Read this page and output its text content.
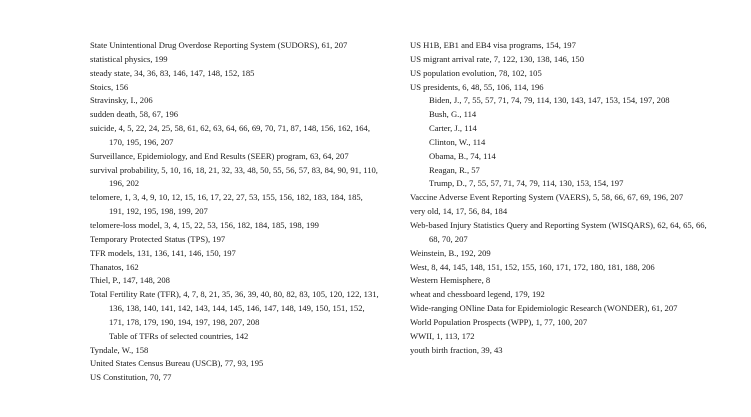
State Unintentional Drug Overdose Reporting System (SUDORS), 61, 207
statistical physics, 199
steady state, 34, 36, 83, 146, 147, 148, 152, 185
Stoics, 156
Stravinsky, I., 206
sudden death, 58, 67, 196
suicide, 4, 5, 22, 24, 25, 58, 61, 62, 63, 64, 66, 69, 70, 71, 87, 148, 156, 162, 164, 170, 195, 196, 207
Surveillance, Epidemiology, and End Results (SEER) program, 63, 64, 207
survival probability, 5, 10, 16, 18, 21, 32, 33, 48, 50, 55, 56, 57, 83, 84, 90, 91, 110, 196, 202
telomere, 1, 3, 4, 9, 10, 12, 15, 16, 17, 22, 27, 53, 155, 156, 182, 183, 184, 185, 191, 192, 195, 198, 199, 207
telomere-loss model, 3, 4, 15, 22, 53, 156, 182, 184, 185, 198, 199
Temporary Protected Status (TPS), 197
TFR models, 131, 136, 141, 146, 150, 197
Thanatos, 162
Thiel, P., 147, 148, 208
Total Fertility Rate (TFR), 4, 7, 8, 21, 35, 36, 39, 40, 80, 82, 83, 105, 120, 122, 131, 136, 138, 140, 141, 142, 143, 144, 145, 146, 147, 148, 149, 150, 151, 152, 171, 178, 179, 190, 194, 197, 198, 207, 208
Table of TFRs of selected countries, 142
Tyndale, W., 158
United States Census Bureau (USCB), 77, 93, 195
US Constitution, 70, 77
US H1B, EB1 and EB4 visa programs, 154, 197
US migrant arrival rate, 7, 122, 130, 138, 146, 150
US population evolution, 78, 102, 105
US presidents, 6, 48, 55, 106, 114, 196
Biden, J., 7, 55, 57, 71, 74, 79, 114, 130, 143, 147, 153, 154, 197, 208
Bush, G., 114
Carter, J., 114
Clinton, W., 114
Obama, B., 74, 114
Reagan, R., 57
Trump, D., 7, 55, 57, 71, 74, 79, 114, 130, 153, 154, 197
Vaccine Adverse Event Reporting System (VAERS), 5, 58, 66, 67, 69, 196, 207
very old, 14, 17, 56, 84, 184
Web-based Injury Statistics Query and Reporting System (WISQARS), 62, 64, 65, 66, 68, 70, 207
Weinstein, B., 192, 209
West, 8, 44, 145, 148, 151, 152, 155, 160, 171, 172, 180, 181, 188, 206
Western Hemisphere, 8
wheat and chessboard legend, 179, 192
Wide-ranging ONline Data for Epidemiologic Research (WONDER), 61, 207
World Population Prospects (WPP), 1, 77, 100, 207
WWII, 1, 113, 172
youth birth fraction, 39, 43
